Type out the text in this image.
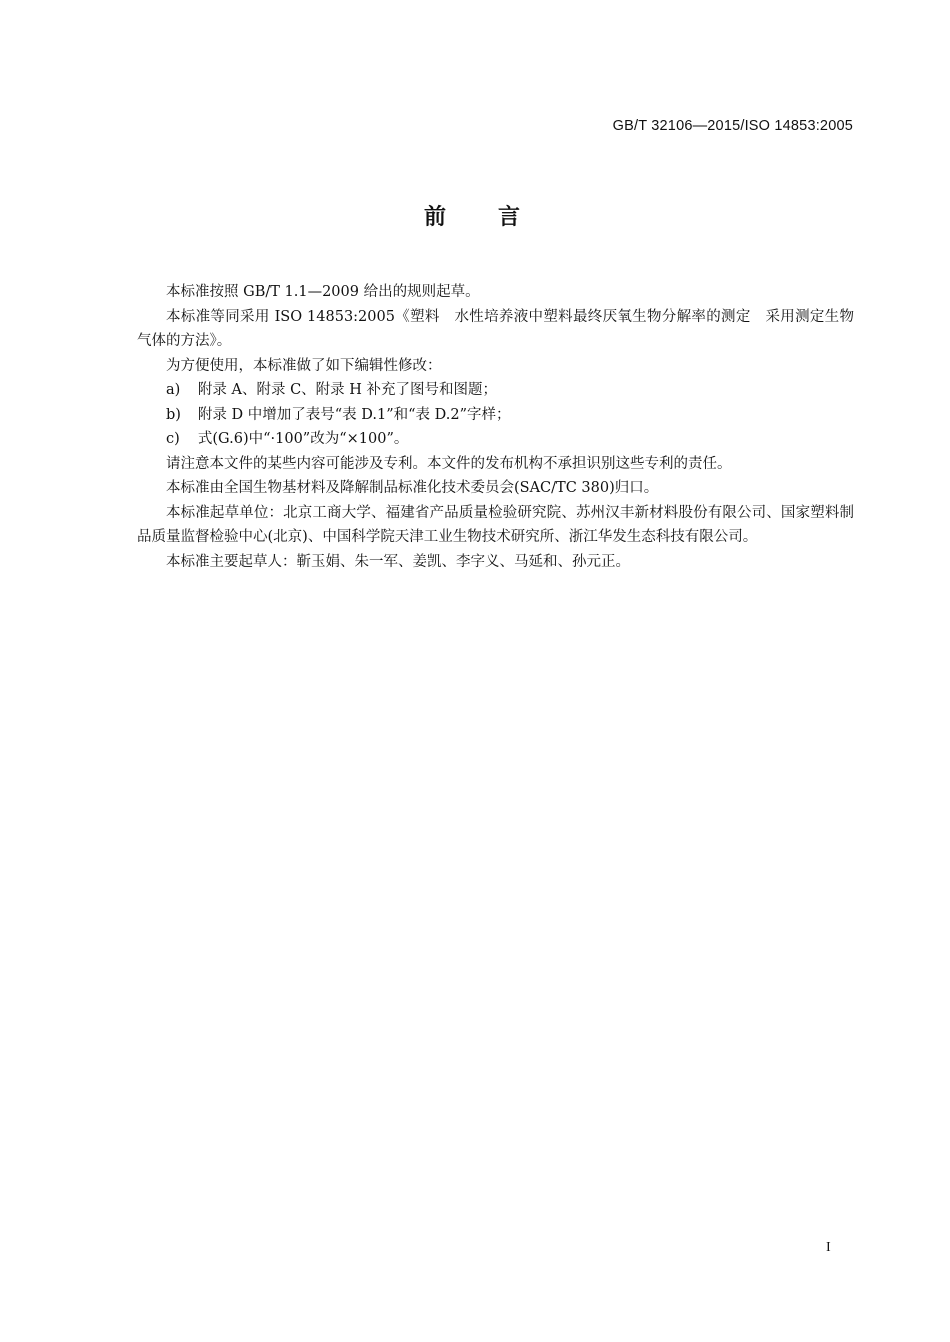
GB/T 32106—2015/ISO 14853:2005
前言

本标准按照 GB/T 1.1—2009 给出的规则起草。

本标准等同采用 ISO 14853:2005《塑料　水性培养液中塑料最终厌氧生物分解率的测定　采用测定生物气体的方法》。

为方便使用，本标准做了如下编辑性修改：

a) 附录 A、附录 C、附录 H 补充了图号和图题；

b) 附录 D 中增加了表号“表 D.1”和“表 D.2”字样；

c) 式(G.6)中“·100”改为“×100”。

请注意本文件的某些内容可能涉及专利。本文件的发布机构不承担识别这些专利的责任。

本标准由全国生物基材料及降解制品标准化技术委员会(SAC/TC 380)归口。

本标准起草单位：北京工商大学、福建省产品质量检验研究院、苏州汉丰新材料股份有限公司、国家塑料制品质量监督检验中心(北京)、中国科学院天津工业生物技术研究所、浙江华发生态科技有限公司。

本标准主要起草人：靳玉娟、朱一军、姜凯、李字义、马延和、孙元正。

I
